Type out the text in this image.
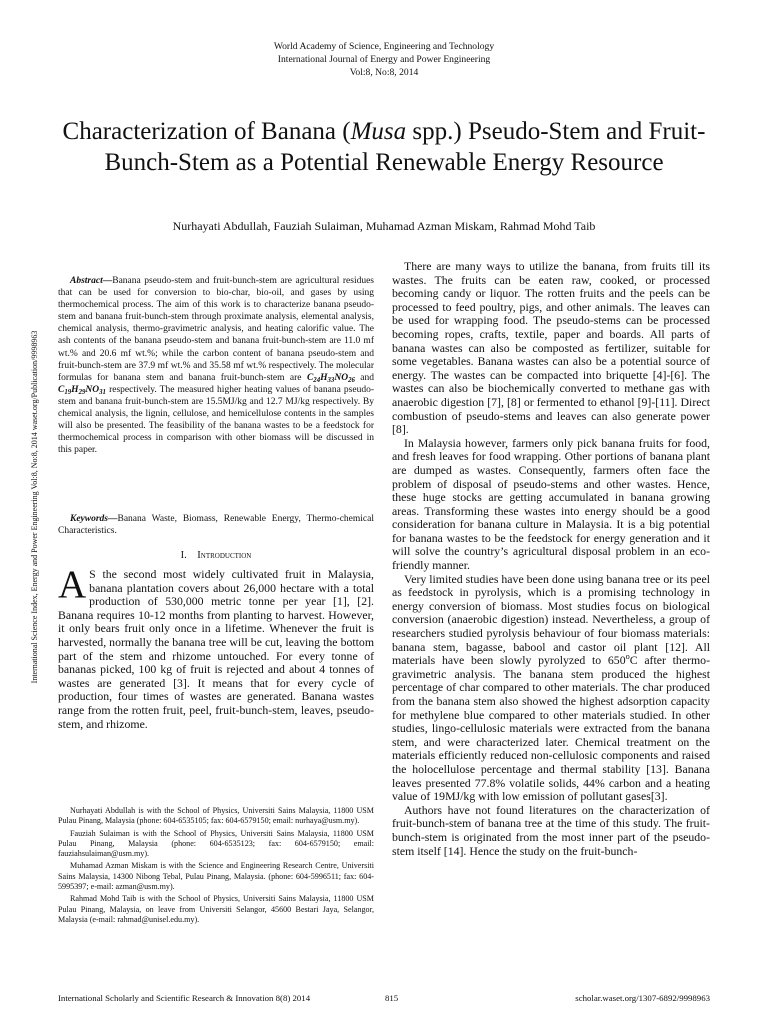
World Academy of Science, Engineering and Technology
International Journal of Energy and Power Engineering
Vol:8, No:8, 2014
Characterization of Banana (Musa spp.) Pseudo-Stem and Fruit-Bunch-Stem as a Potential Renewable Energy Resource
Nurhayati Abdullah, Fauziah Sulaiman, Muhamad Azman Miskam, Rahmad Mohd Taib
International Science Index, Energy and Power Engineering Vol:8, No:8, 2014 waset.org/Publication/9998963

Abstract—Banana pseudo-stem and fruit-bunch-stem are agricultural residues that can be used for conversion to bio-char, bio-oil, and gases by using thermochemical process. The aim of this work is to characterize banana pseudo-stem and banana fruit-bunch-stem through proximate analysis, elemental analysis, chemical analysis, thermo-gravimetric analysis, and heating calorific value. The ash contents of the banana pseudo-stem and banana fruit-bunch-stem are 11.0 mf wt.% and 20.6 mf wt.%; while the carbon content of banana pseudo-stem and fruit-bunch-stem are 37.9 mf wt.% and 35.58 mf wt.% respectively. The molecular formulas for banana stem and banana fruit-bunch-stem are $C_{24}H_{33}NO_{26}$ and $C_{19}H_{29}NO_{31}$ respectively. The measured higher heating values of banana pseudo-stem and banana fruit-bunch-stem are 15.5MJ/kg and 12.7 MJ/kg respectively. By chemical analysis, the lignin, cellulose, and hemicellulose contents in the samples will also be presented. The feasibility of the banana wastes to be a feedstock for thermochemical process in comparison with other biomass will be discussed in this paper.

Keywords—Banana Waste, Biomass, Renewable Energy, Thermo-chemical Characteristics.

I. Introduction

A S the second most widely cultivated fruit in Malaysia, banana plantation covers about 26,000 hectare with a total production of 530,000 metric tonne per year [1], [2]. Banana requires 10-12 months from planting to harvest. However, it only bears fruit only once in a lifetime. Whenever the fruit is harvested, normally the banana tree will be cut, leaving the bottom part of the stem and rhizome untouched. For every tonne of bananas picked, 100 kg of fruit is rejected and about 4 tonnes of wastes are generated [3]. It means that for every cycle of production, four times of wastes are generated. Banana wastes range from the rotten fruit, peel, fruit-bunch-stem, leaves, pseudo-stem, and rhizome.

Nurhayati Abdullah is with the School of Physics, Universiti Sains Malaysia, 11800 USM Pulau Pinang, Malaysia (phone: 604-6535105; fax: 604-6579150; email: nurhaya@usm.my).

Fauziah Sulaiman is with the School of Physics, Universiti Sains Malaysia, 11800 USM Pulau Pinang, Malaysia (phone: 604-6535123; fax: 604-6579150; email: fauziahsulaiman@usm.my).

Muhamad Azman Miskam is with the Science and Engineering Research Centre, Universiti Sains Malaysia, 14300 Nibong Tebal, Pulau Pinang, Malaysia. (phone: 604-5996511; fax: 604-5995397; e-mail: azman@usm.my).

Rahmad Mohd Taib is with the School of Physics, Universiti Sains Malaysia, 11800 USM Pulau Pinang, Malaysia, on leave from Universiti Selangor, 45600 Bestari Jaya, Selangor, Malaysia (e-mail: rahmad@unisel.edu.my).

There are many ways to utilize the banana, from fruits till its wastes. The fruits can be eaten raw, cooked, or processed becoming candy or liquor. The rotten fruits and the peels can be processed to feed poultry, pigs, and other animals. The leaves can be used for wrapping food. The pseudo-stems can be processed becoming ropes, crafts, textile, paper and boards. All parts of banana wastes can also be composted as fertilizer, suitable for some vegetables. Banana wastes can also be a potential source of energy. The wastes can be compacted into briquette [4]-[6]. The wastes can also be biochemically converted to methane gas with anaerobic digestion [7], [8] or fermented to ethanol [9]-[11]. Direct combustion of pseudo-stems and leaves can also generate power [8].

In Malaysia however, farmers only pick banana fruits for food, and fresh leaves for food wrapping. Other portions of banana plant are dumped as wastes. Consequently, farmers often face the problem of disposal of pseudo-stems and other wastes. Hence, these huge stocks are getting accumulated in banana growing areas. Transforming these wastes into energy should be a good consideration for banana culture in Malaysia. It is a big potential for banana wastes to be the feedstock for energy generation and it will solve the country’s agricultural disposal problem in an eco-friendly manner.

Very limited studies have been done using banana tree or its peel as feedstock in pyrolysis, which is a promising technology in energy conversion of biomass. Most studies focus on biological conversion (anaerobic digestion) instead. Nevertheless, a group of researchers studied pyrolysis behaviour of four biomass materials: banana stem, bagasse, babool and castor oil plant [12]. All materials have been slowly pyrolyzed to 650$^o$C after thermo-gravimetric analysis. The banana stem produced the highest percentage of char compared to other materials. The char produced from the banana stem also showed the highest adsorption capacity for methylene blue compared to other materials studied. In other studies, lingo-cellulosic materials were extracted from the banana stem, and were characterized later. Chemical treatment on the materials efficiently reduced non-cellulosic components and raised the holocellulose percentage and thermal stability [13]. Banana leaves presented 77.8% volatile solids, 44% carbon and a heating value of 19MJ/kg with low emission of pollutant gases[3].

Authors have not found literatures on the characterization of fruit-bunch-stem of banana tree at the time of this study. The fruit-bunch-stem is originated from the most inner part of the pseudo-stem itself [14]. Hence the study on the fruit-bunch-

International Scholarly and Scientific Research & Innovation 8(8) 2014	815	scholar.waset.org/1307-6892/9998963
